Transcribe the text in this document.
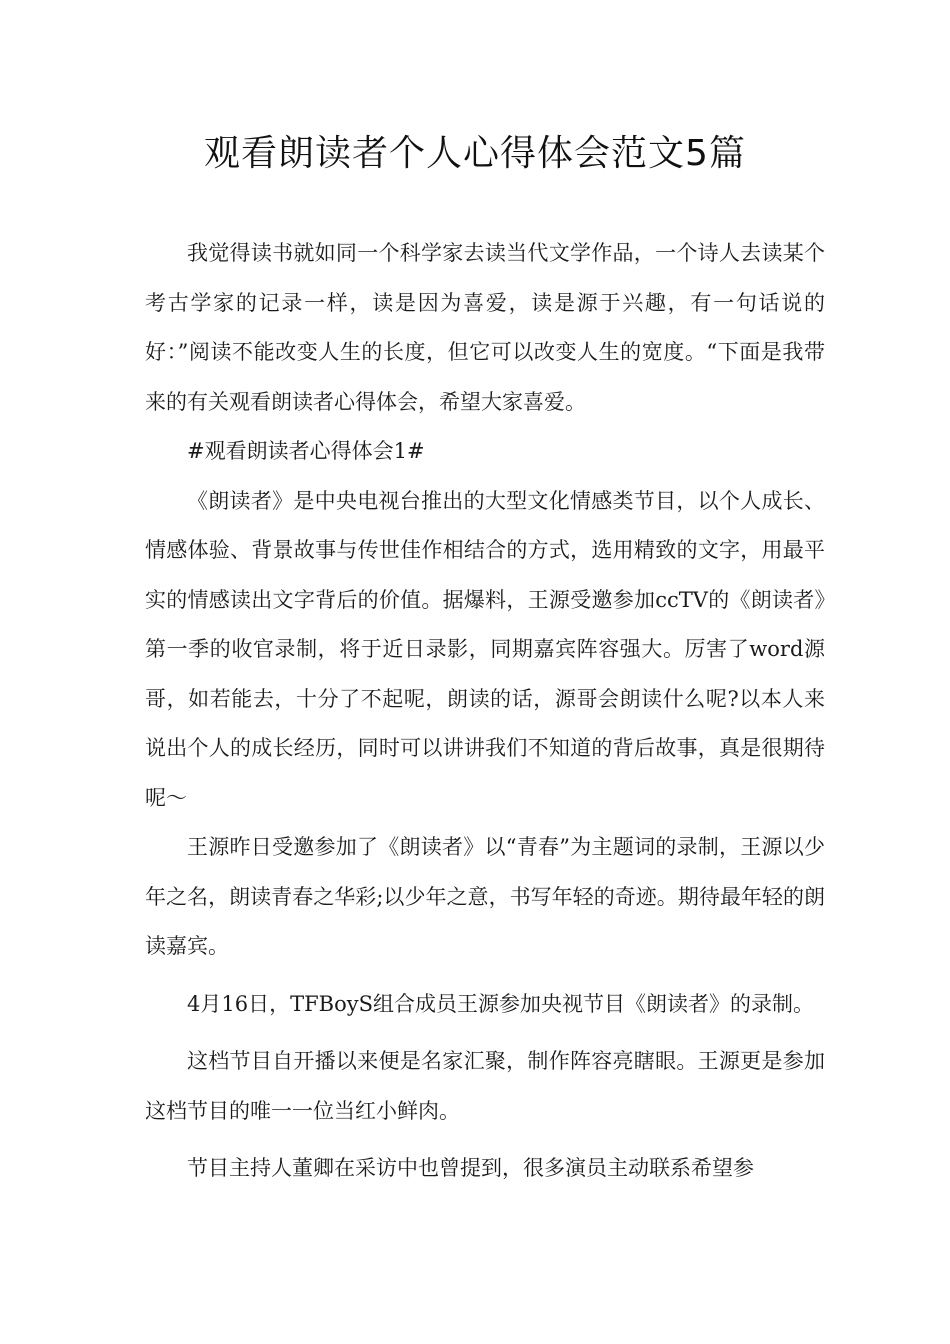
观看朗读者个人心得体会范文5篇

我觉得读书就如同一个科学家去读当代文学作品，一个诗人去读某个考古学家的记录一样，读是因为喜爱，读是源于兴趣，有一句话说的好：”阅读不能改变人生的长度，但它可以改变人生的宽度。“下面是我带来的有关观看朗读者心得体会，希望大家喜爱。

#观看朗读者心得体会1#

《朗读者》是中央电视台推出的大型文化情感类节目，以个人成长、情感体验、背景故事与传世佳作相结合的方式，选用精致的文字，用最平实的情感读出文字背后的价值。据爆料，王源受邀参加ccTV的《朗读者》第一季的收官录制，将于近日录影，同期嘉宾阵容强大。厉害了word源哥，如若能去，十分了不起呢，朗读的话，源哥会朗读什么呢?以本人来说出个人的成长经历，同时可以讲讲我们不知道的背后故事，真是很期待呢～

王源昨日受邀参加了《朗读者》以“青春”为主题词的录制，王源以少年之名，朗读青春之华彩;以少年之意，书写年轻的奇迹。期待最年轻的朗读嘉宾。

4月16日，TFBoyS组合成员王源参加央视节目《朗读者》的录制。

这档节目自开播以来便是名家汇聚，制作阵容亮瞎眼。王源更是参加这档节目的唯一一位当红小鲜肉。

节目主持人董卿在采访中也曾提到，很多演员主动联系希望参
